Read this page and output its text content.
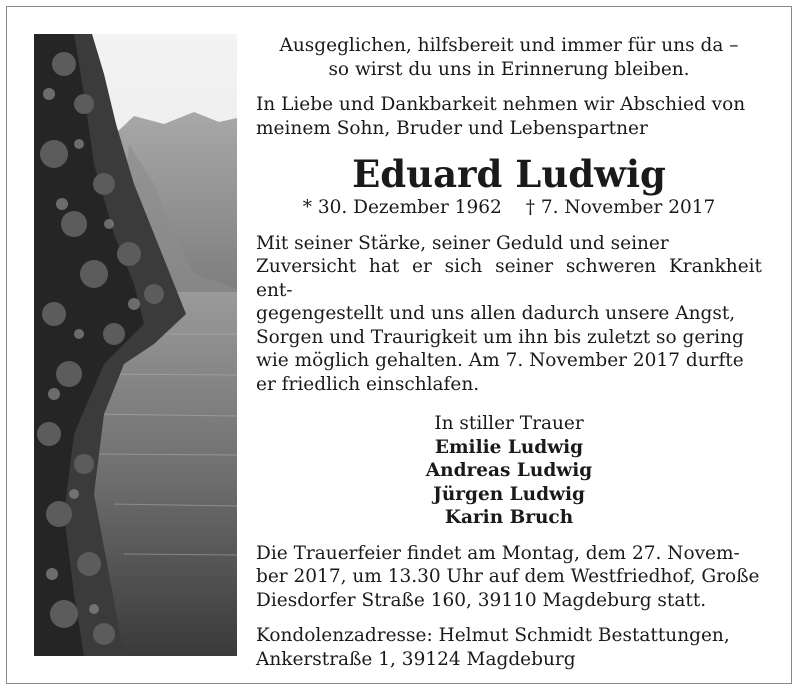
Ausgeglichen, hilfsbereit und immer für uns da –
so wirst du uns in Erinnerung bleiben.
In Liebe und Dankbarkeit nehmen wir Abschied von
meinem Sohn, Bruder und Lebenspartner
Eduard Ludwig
* 30. Dezember 1962 † 7. November 2017
Mit seiner Stärke, seiner Geduld und seiner
Zuversicht hat er sich seiner schweren Krankheit ent-
gegengestellt und uns allen dadurch unsere Angst,
Sorgen und Traurigkeit um ihn bis zuletzt so gering
wie möglich gehalten. Am 7. November 2017 durfte
er friedlich einschlafen.
In stiller Trauer
Emilie Ludwig
Andreas Ludwig
Jürgen Ludwig
Karin Bruch
Die Trauerfeier findet am Montag, dem 27. Novem-
ber 2017, um 13.30 Uhr auf dem Westfriedhof, Große
Diesdorfer Straße 160, 39110 Magdeburg statt.
Kondolenzadresse: Helmut Schmidt Bestattungen,
Ankerstraße 1, 39124 Magdeburg
